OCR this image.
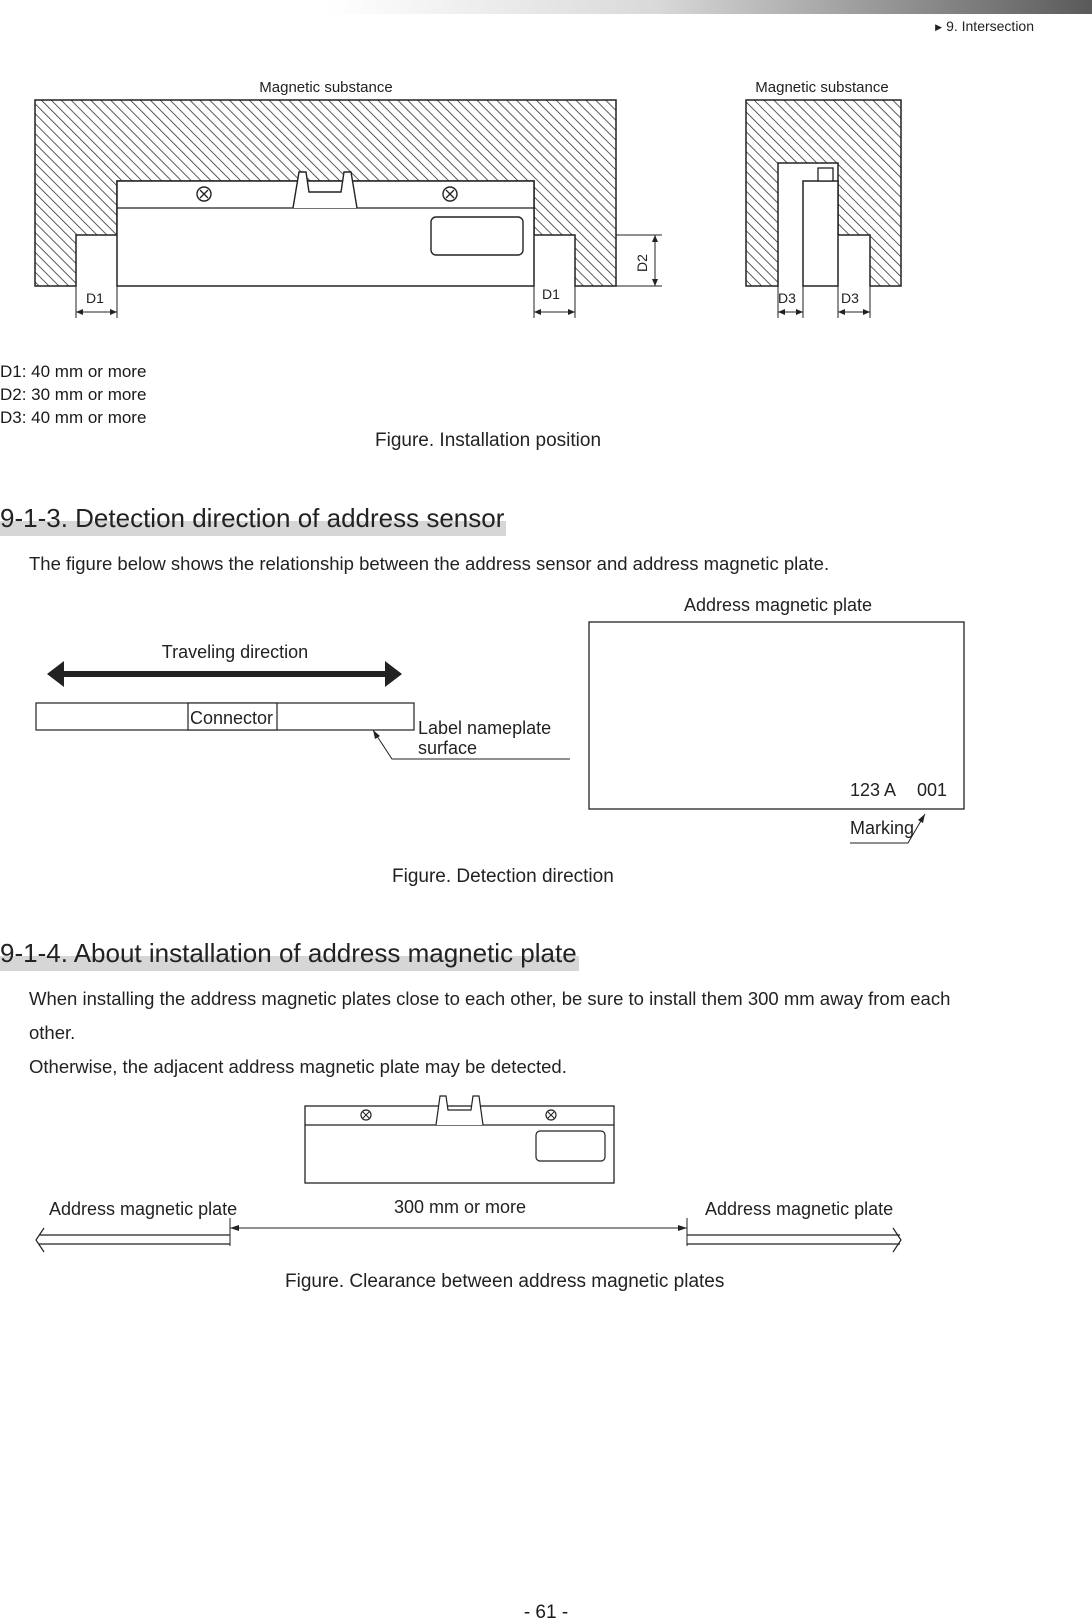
▶ 9. Intersection
Magnetic substance
D1	D1
D2
Magnetic substance
D3	D3
D1: 40 mm or more
D2: 30 mm or more
D3: 40 mm or more
Figure. Installation position
9-1-3. Detection direction of address sensor
The figure below shows the relationship between the address sensor and address magnetic plate.
Traveling direction
Connector	Label nameplate
surface
Address magnetic plate
123 A 001
Marking
Figure. Detection direction
9-1-4. About installation of address magnetic plate
When installing the address magnetic plates close to each other, be sure to install them 300 mm away from each
other.
Otherwise, the adjacent address magnetic plate may be detected.
Address magnetic plate	300 mm or more	Address magnetic plate
Figure. Clearance between address magnetic plates
- 61 -
